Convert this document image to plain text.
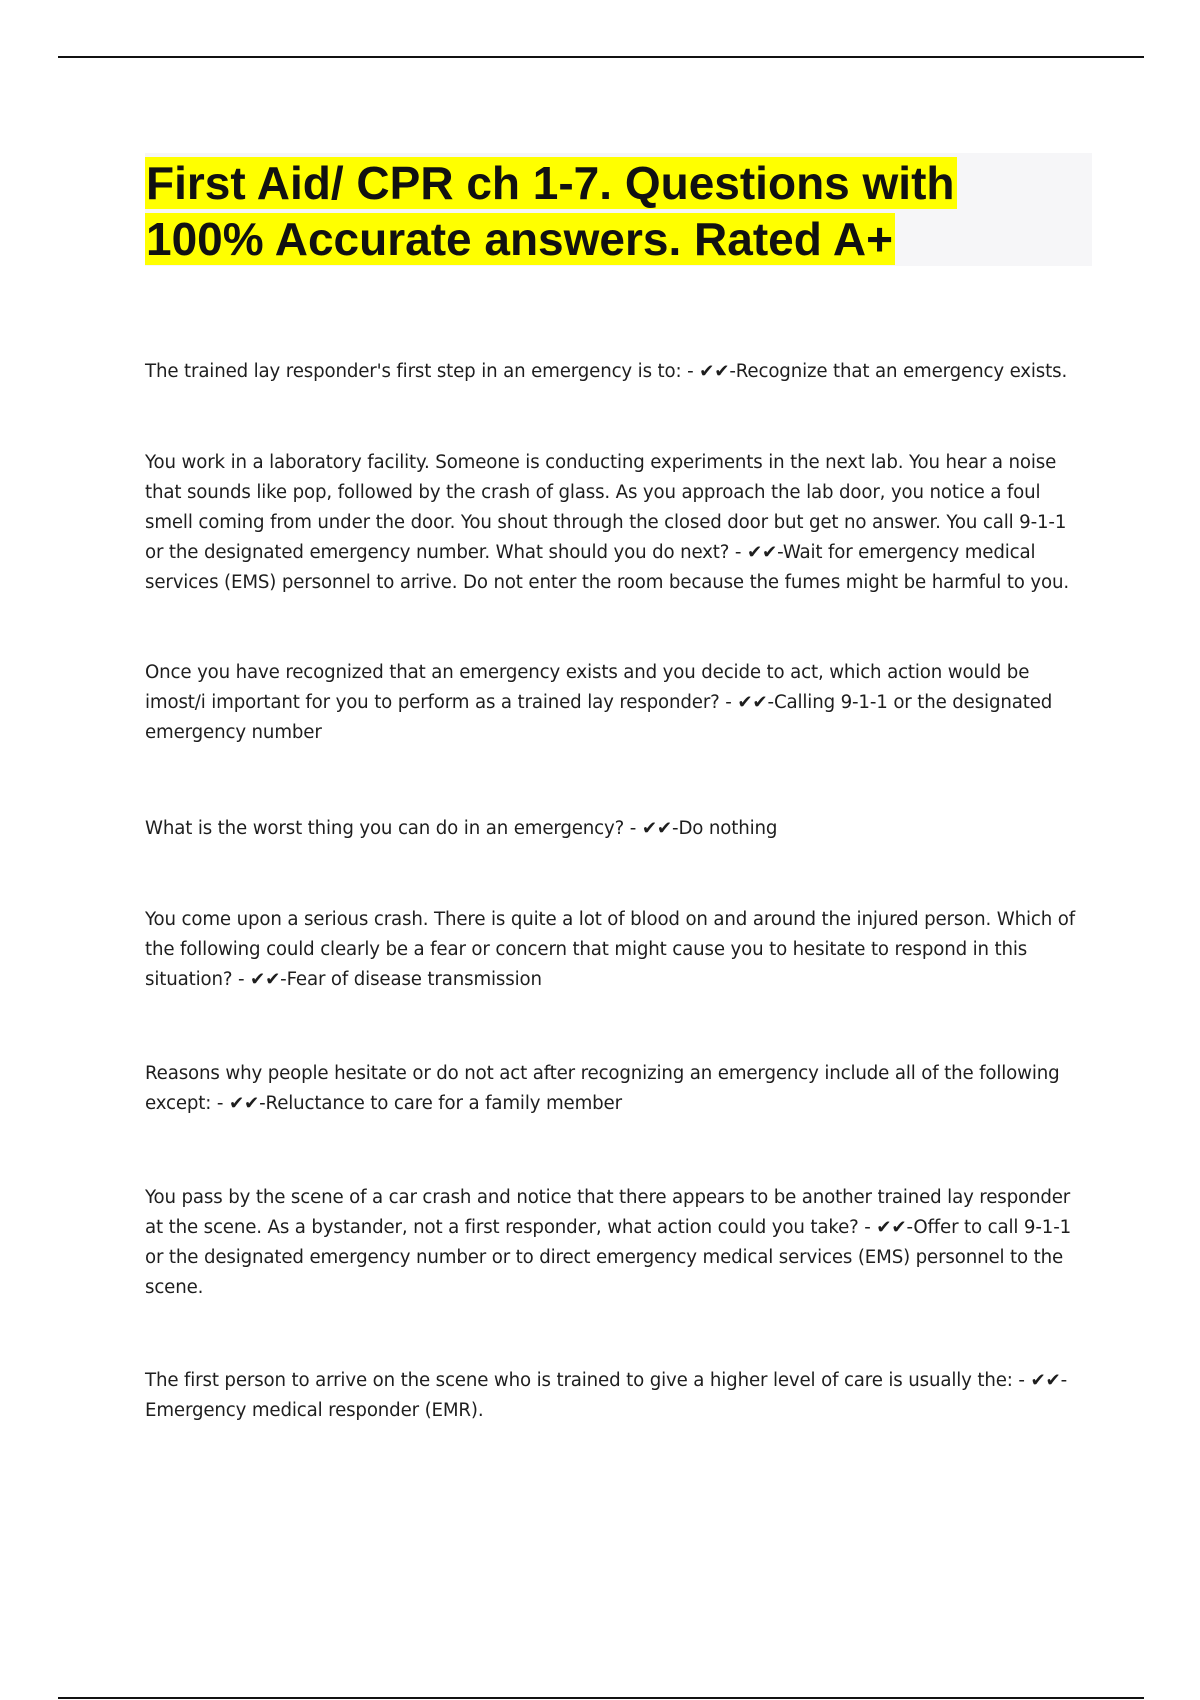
First Aid/ CPR ch 1-7. Questions with 100% Accurate answers. Rated A+

The trained lay responder's first step in an emergency is to: - ✔✔-Recognize that an emergency exists.

You work in a laboratory facility. Someone is conducting experiments in the next lab. You hear a noise that sounds like pop, followed by the crash of glass. As you approach the lab door, you notice a foul smell coming from under the door. You shout through the closed door but get no answer. You call 9-1-1 or the designated emergency number. What should you do next? - ✔✔-Wait for emergency medical services (EMS) personnel to arrive. Do not enter the room because the fumes might be harmful to you.

Once you have recognized that an emergency exists and you decide to act, which action would be imost/i important for you to perform as a trained lay responder? - ✔✔-Calling 9-1-1 or the designated emergency number

What is the worst thing you can do in an emergency? - ✔✔-Do nothing

You come upon a serious crash. There is quite a lot of blood on and around the injured person. Which of the following could clearly be a fear or concern that might cause you to hesitate to respond in this situation? - ✔✔-Fear of disease transmission

Reasons why people hesitate or do not act after recognizing an emergency include all of the following except: - ✔✔-Reluctance to care for a family member

You pass by the scene of a car crash and notice that there appears to be another trained lay responder at the scene. As a bystander, not a first responder, what action could you take? - ✔✔-Offer to call 9-1-1 or the designated emergency number or to direct emergency medical services (EMS) personnel to the scene.

The first person to arrive on the scene who is trained to give a higher level of care is usually the: - ✔✔-Emergency medical responder (EMR).
